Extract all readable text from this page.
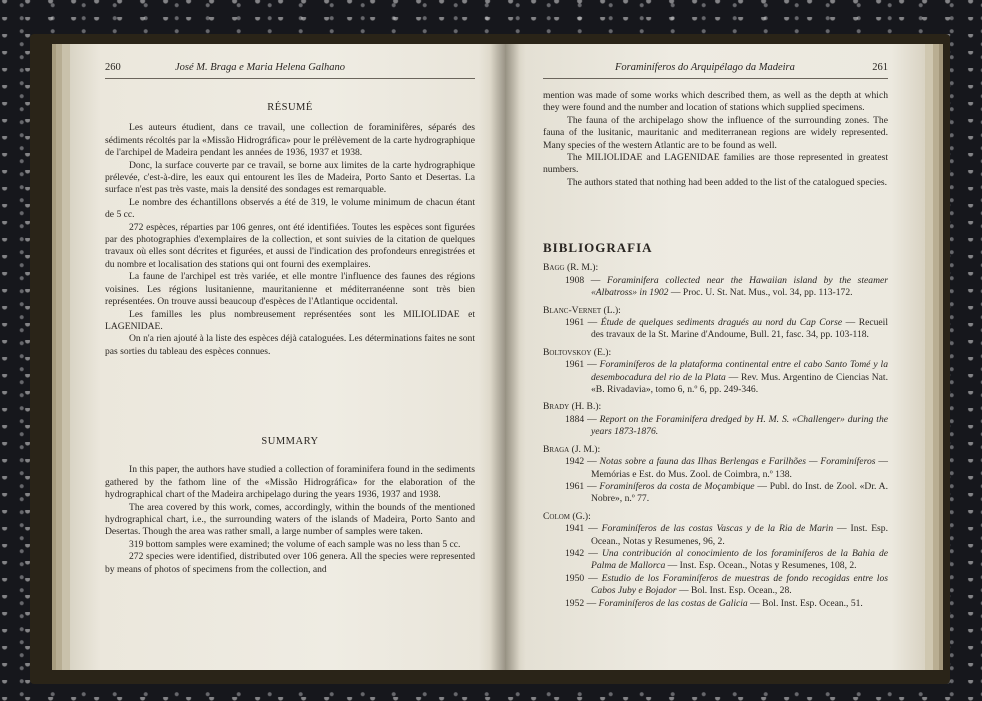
260	José M. Braga e Maria Helena Galhano

RÉSUMÉ

Les auteurs étudient, dans ce travail, une collection de foraminifères, séparés des sédiments récoltés par la «Missão Hidrográfica» pour le prélèvement de la carte hydrographique de l'archipel de Madeira pendant les années de 1936, 1937 et 1938.

Donc, la surface couverte par ce travail, se borne aux limites de la carte hydrographique prélevée, c'est-à-dire, les eaux qui entourent les îles de Madeira, Porto Santo et Desertas. La surface n'est pas très vaste, mais la densité des sondages est remarquable.

Le nombre des échantillons observés a été de 319, le volume minimum de chacun étant de 5 cc.

272 espèces, réparties par 106 genres, ont été identifiées. Toutes les espèces sont figurées par des photographies d'exemplaires de la collection, et sont suivies de la citation de quelques travaux où elles sont décrites et figurées, et aussi de l'indication des profondeurs enregistrées et du nombre et localisation des stations qui ont fourni des exemplaires.

La faune de l'archipel est très variée, et elle montre l'influence des faunes des régions voisines. Les régions lusitanienne, mauritanienne et méditerranéenne sont très bien représentées. On trouve aussi beaucoup d'espèces de l'Atlantique occidental.

Les familles les plus nombreusement représentées sont les MILIOLIDAE et LAGENIDAE.

On n'a rien ajouté à la liste des espèces déjà cataloguées. Les déterminations faites ne sont pas sorties du tableau des espèces connues.

SUMMARY

In this paper, the authors have studied a collection of foraminifera found in the sediments gathered by the fathom line of the «Missão Hidrográfica» for the elaboration of the hydrographical chart of the Madeira archipelago during the years 1936, 1937 and 1938.

The area covered by this work, comes, accordingly, within the bounds of the mentioned hydrographical chart, i.e., the surrounding waters of the islands of Madeira, Porto Santo and Desertas. Though the area was rather small, a large number of samples were taken.

319 bottom samples were examined; the volume of each sample was no less than 5 cc.

272 species were identified, distributed over 106 genera. All the species were represented by means of photos of specimens from the collection, and

Foraminíferos do Arquipélago da Madeira	261

mention was made of some works which described them, as well as the depth at which they were found and the number and location of stations which supplied specimens.

The fauna of the archipelago show the influence of the surrounding zones. The fauna of the lusitanic, mauritanic and mediterranean regions are widely represented. Many species of the western Atlantic are to be found as well.

The MILIOLIDAE and LAGENIDAE families are those represented in greatest numbers.

The authors stated that nothing had been added to the list of the catalogued species.

BIBLIOGRAFIA

Bagg (R. M.):

1908 — Foraminifera collected near the Hawaiian island by the steamer «Albatross» in 1902 — Proc. U. St. Nat. Mus., vol. 34, pp. 113-172.

Blanc-Vernet (L.):

1961 — Étude de quelques sediments dragués au nord du Cap Corse — Recueil des travaux de la St. Marine d'Andoume, Bull. 21, fasc. 34, pp. 103-118.

Boltovskoy (E.):

1961 — Foraminíferos de la plataforma continental entre el cabo Santo Tomé y la desembocadura del rio de la Plata — Rev. Mus. Argentino de Ciencias Nat. «B. Rivadavia», tomo 6, n.º 6, pp. 249-346.

Brady (H. B.):

1884 — Report on the Foraminifera dredged by H. M. S. «Challenger» during the years 1873-1876.

Braga (J. M.):

1942 — Notas sobre a fauna das Ilhas Berlengas e Farilhões — Foraminíferos — Memórias e Est. do Mus. Zool. de Coimbra, n.º 138.

1961 — Foraminíferos da costa de Moçambique — Publ. do Inst. de Zool. «Dr. A. Nobre», n.º 77.

Colom (G.):

1941 — Foraminíferos de las costas Vascas y de la Ria de Marin — Inst. Esp. Ocean., Notas y Resumenes, 96, 2.

1942 — Una contribución al conocimiento de los foraminíferos de la Bahia de Palma de Mallorca — Inst. Esp. Ocean., Notas y Resumenes, 108, 2.

1950 — Estudio de los Foraminíferos de muestras de fondo recogidas entre los Cabos Juby e Bojador — Bol. Inst. Esp. Ocean., 28.

1952 — Foraminíferos de las costas de Galicia — Bol. Inst. Esp. Ocean., 51.
